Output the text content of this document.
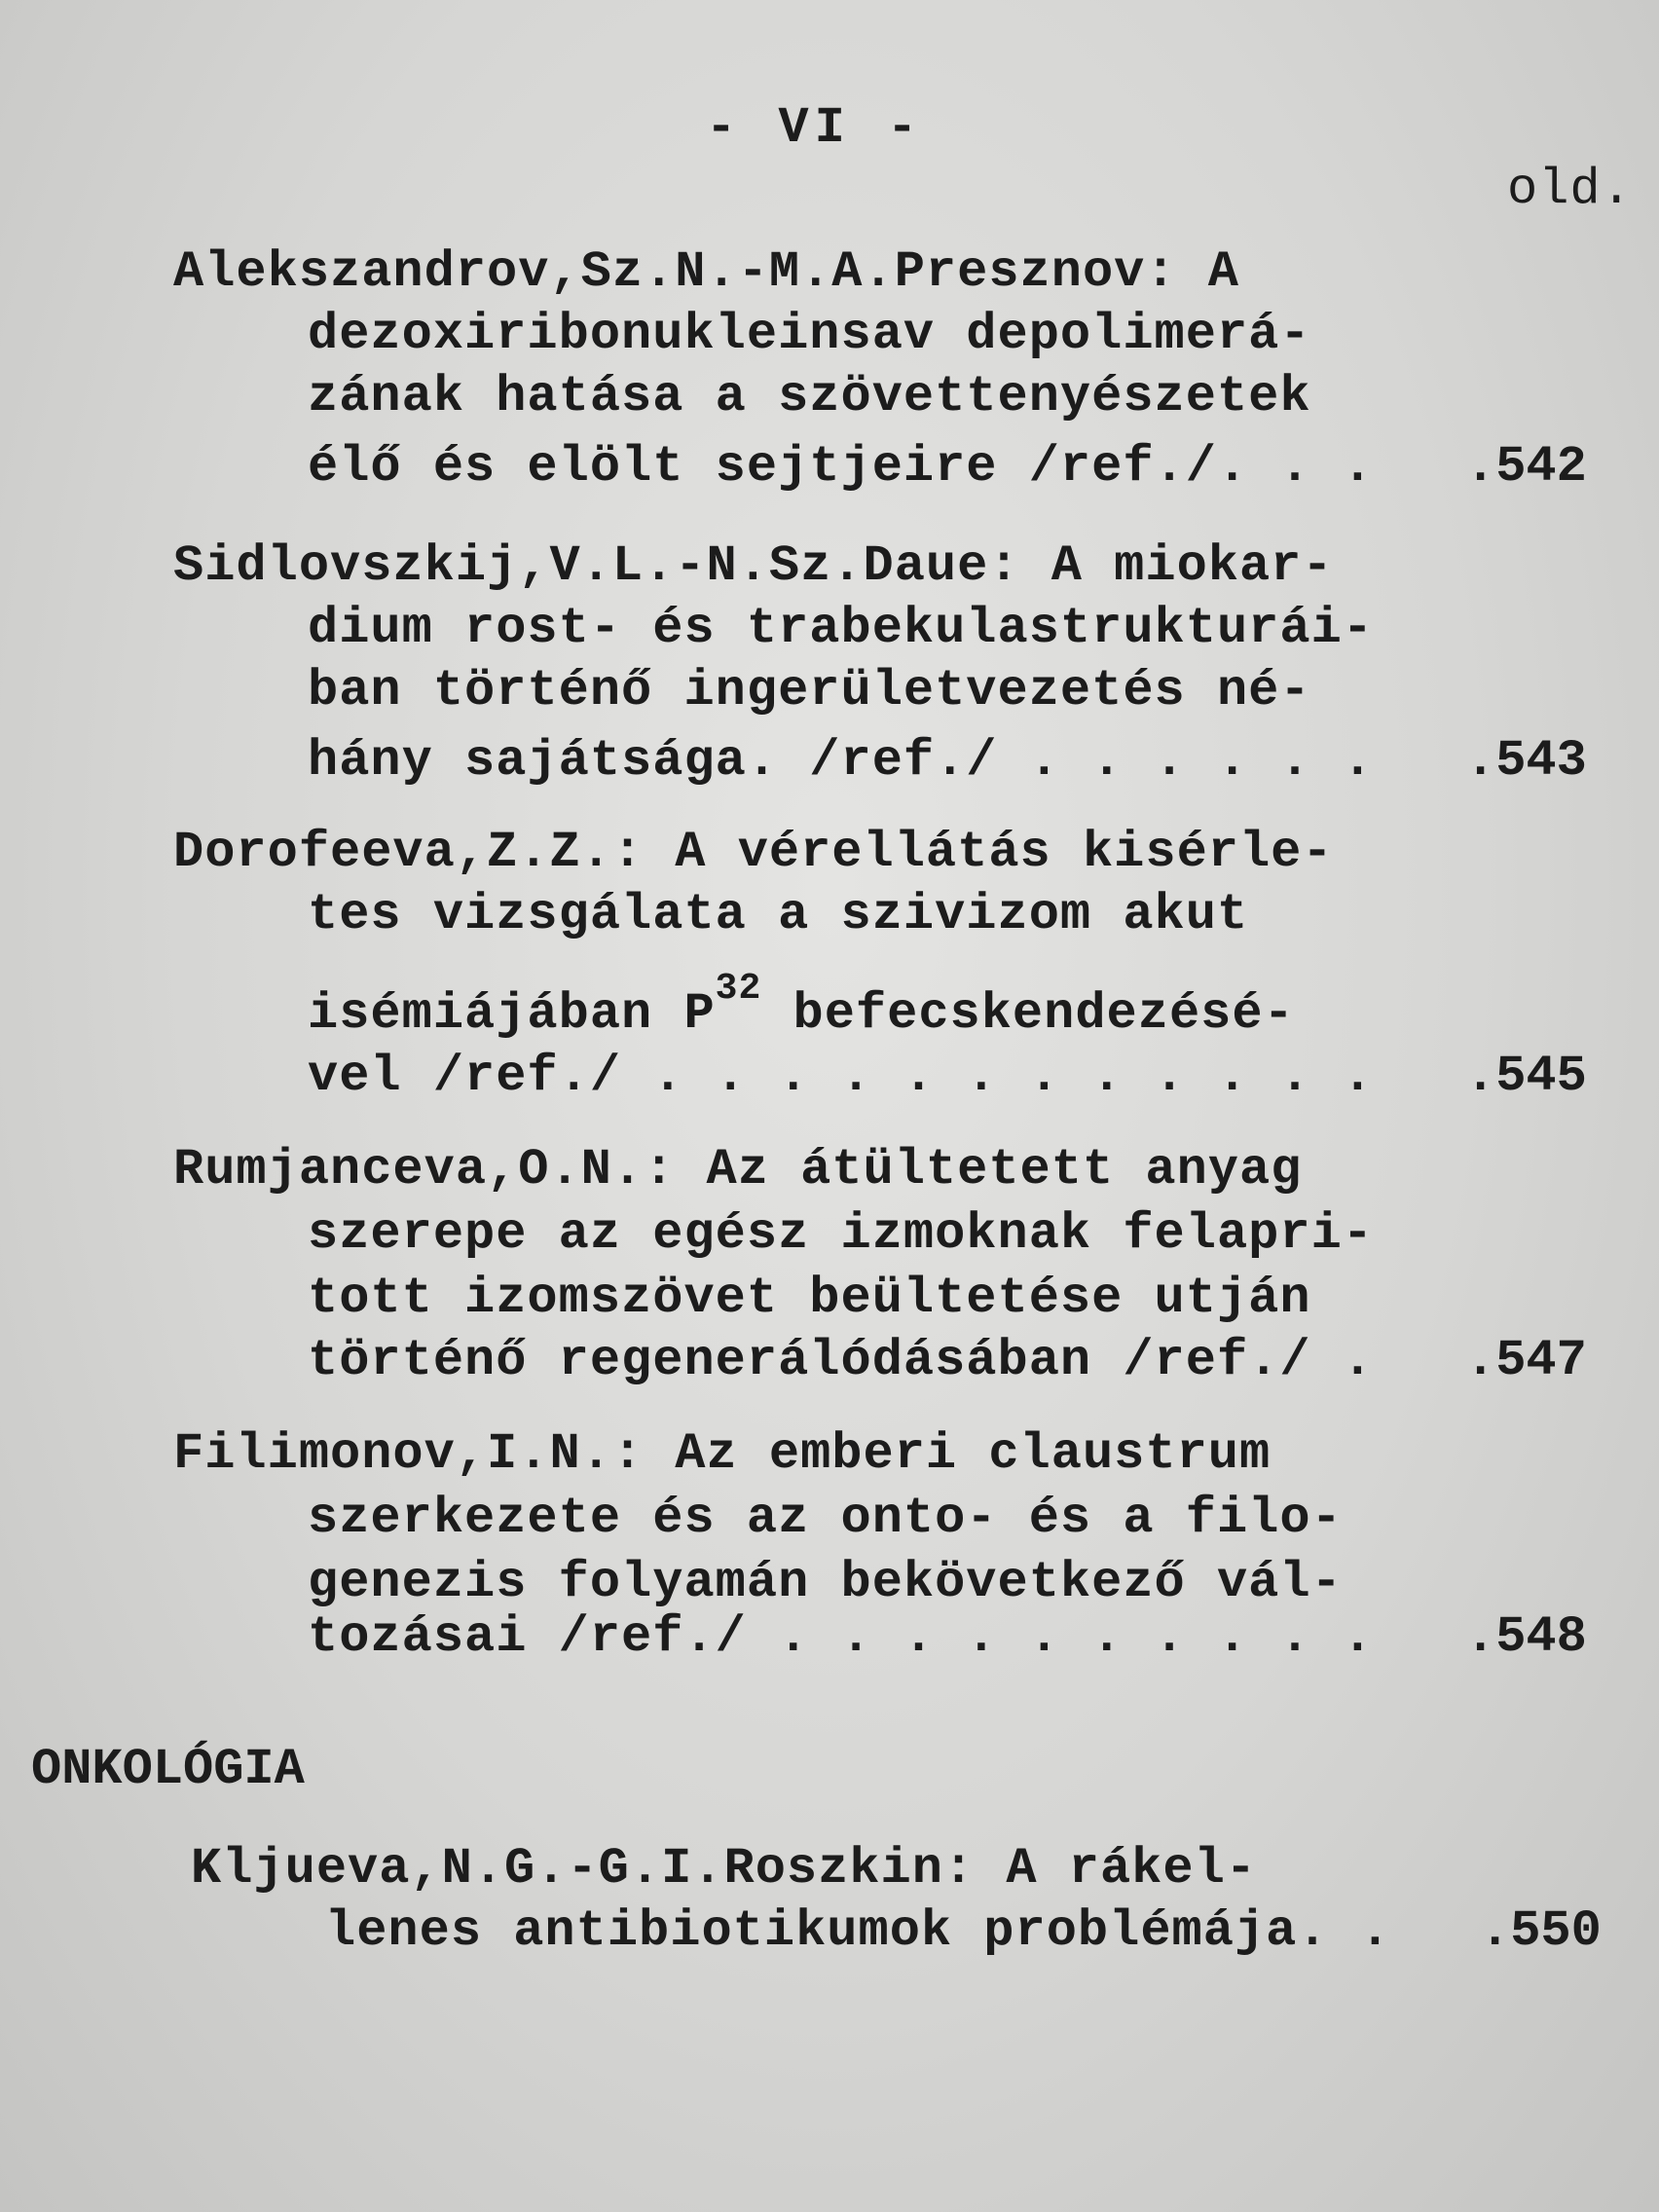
- VI -
old.
Alekszandrov,Sz.N.-M.A.Presznov: A
dezoxiribonukleinsav depolimerá-
zának hatása a szövettenyészetek
élő és elölt sejtjeire /ref./. . . .542
Sidlovszkij,V.L.-N.Sz.Daue: A miokar-
dium rost- és trabekulastrukturái-
ban történő ingerületvezetés né-
hány sajátsága. /ref./ . . . . . . .543
Dorofeeva,Z.Z.: A vérellátás kisérle-
tes vizsgálata a szivizom akut
isémiájában $P^{32}$ befecskendezésé-
vel /ref./ . . . . . . . . . . . . .545
Rumjanceva,O.N.: Az átültetett anyag
szerepe az egész izmoknak felapri-
tott izomszövet beültetése utján
történő regenerálódásában /ref./ . .547
Filimonov,I.N.: Az emberi claustrum
szerkezete és az onto- és a filo-
genezis folyamán bekövetkező vál-
tozásai /ref./ . . . . . . . . . . .548
ONKOLÓGIA
Kljueva,N.G.-G.I.Roszkin: A rákel-
lenes antibiotikumok problémája. . .550
